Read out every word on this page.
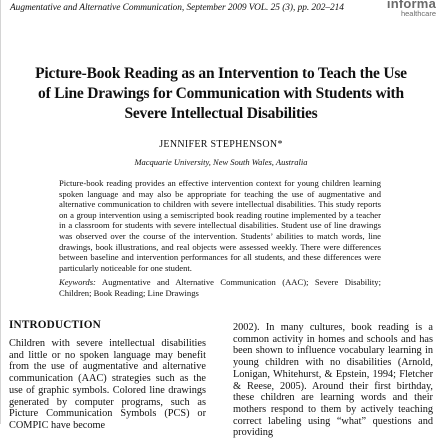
Augmentative and Alternative Communication, September 2009 VOL. 25 (3), pp. 202–214	informa
healthcare
Picture-Book Reading as an Intervention to Teach the Use
of Line Drawings for Communication with Students with
Severe Intellectual Disabilities
JENNIFER STEPHENSON*
Macquarie University, New South Wales, Australia

Picture-book reading provides an effective intervention context for young children learning spoken language and may also be appropriate for teaching the use of augmentative and alternative communication to children with severe intellectual disabilities. This study reports on a group intervention using a semiscripted book reading routine implemented by a teacher in a classroom for students with severe intellectual disabilities. Student use of line drawings was observed over the course of the intervention. Students’ abilities to match words, line drawings, book illustrations, and real objects were assessed weekly. There were differences between baseline and intervention performances for all students, and these differences were particularly noticeable for one student.

Keywords: Augmentative and Alternative Communication (AAC); Severe Disability; Children; Book Reading; Line Drawings

INTRODUCTION

Children with severe intellectual disabilities and little or no spoken language may benefit from the use of augmentative and alternative communication (AAC) strategies such as the use of graphic symbols. Colored line drawings generated by computer programs, such as Picture Communication Symbols (PCS) or COMPIC have become

2002). In many cultures, book reading is a common activity in homes and schools and has been shown to influence vocabulary learning in young children with no disabilities (Arnold, Lonigan, Whitehurst, & Epstein, 1994; Fletcher & Reese, 2005). Around their first birthday, these children are learning words and their mothers respond to them by actively teaching correct labeling using “what” questions and providing
